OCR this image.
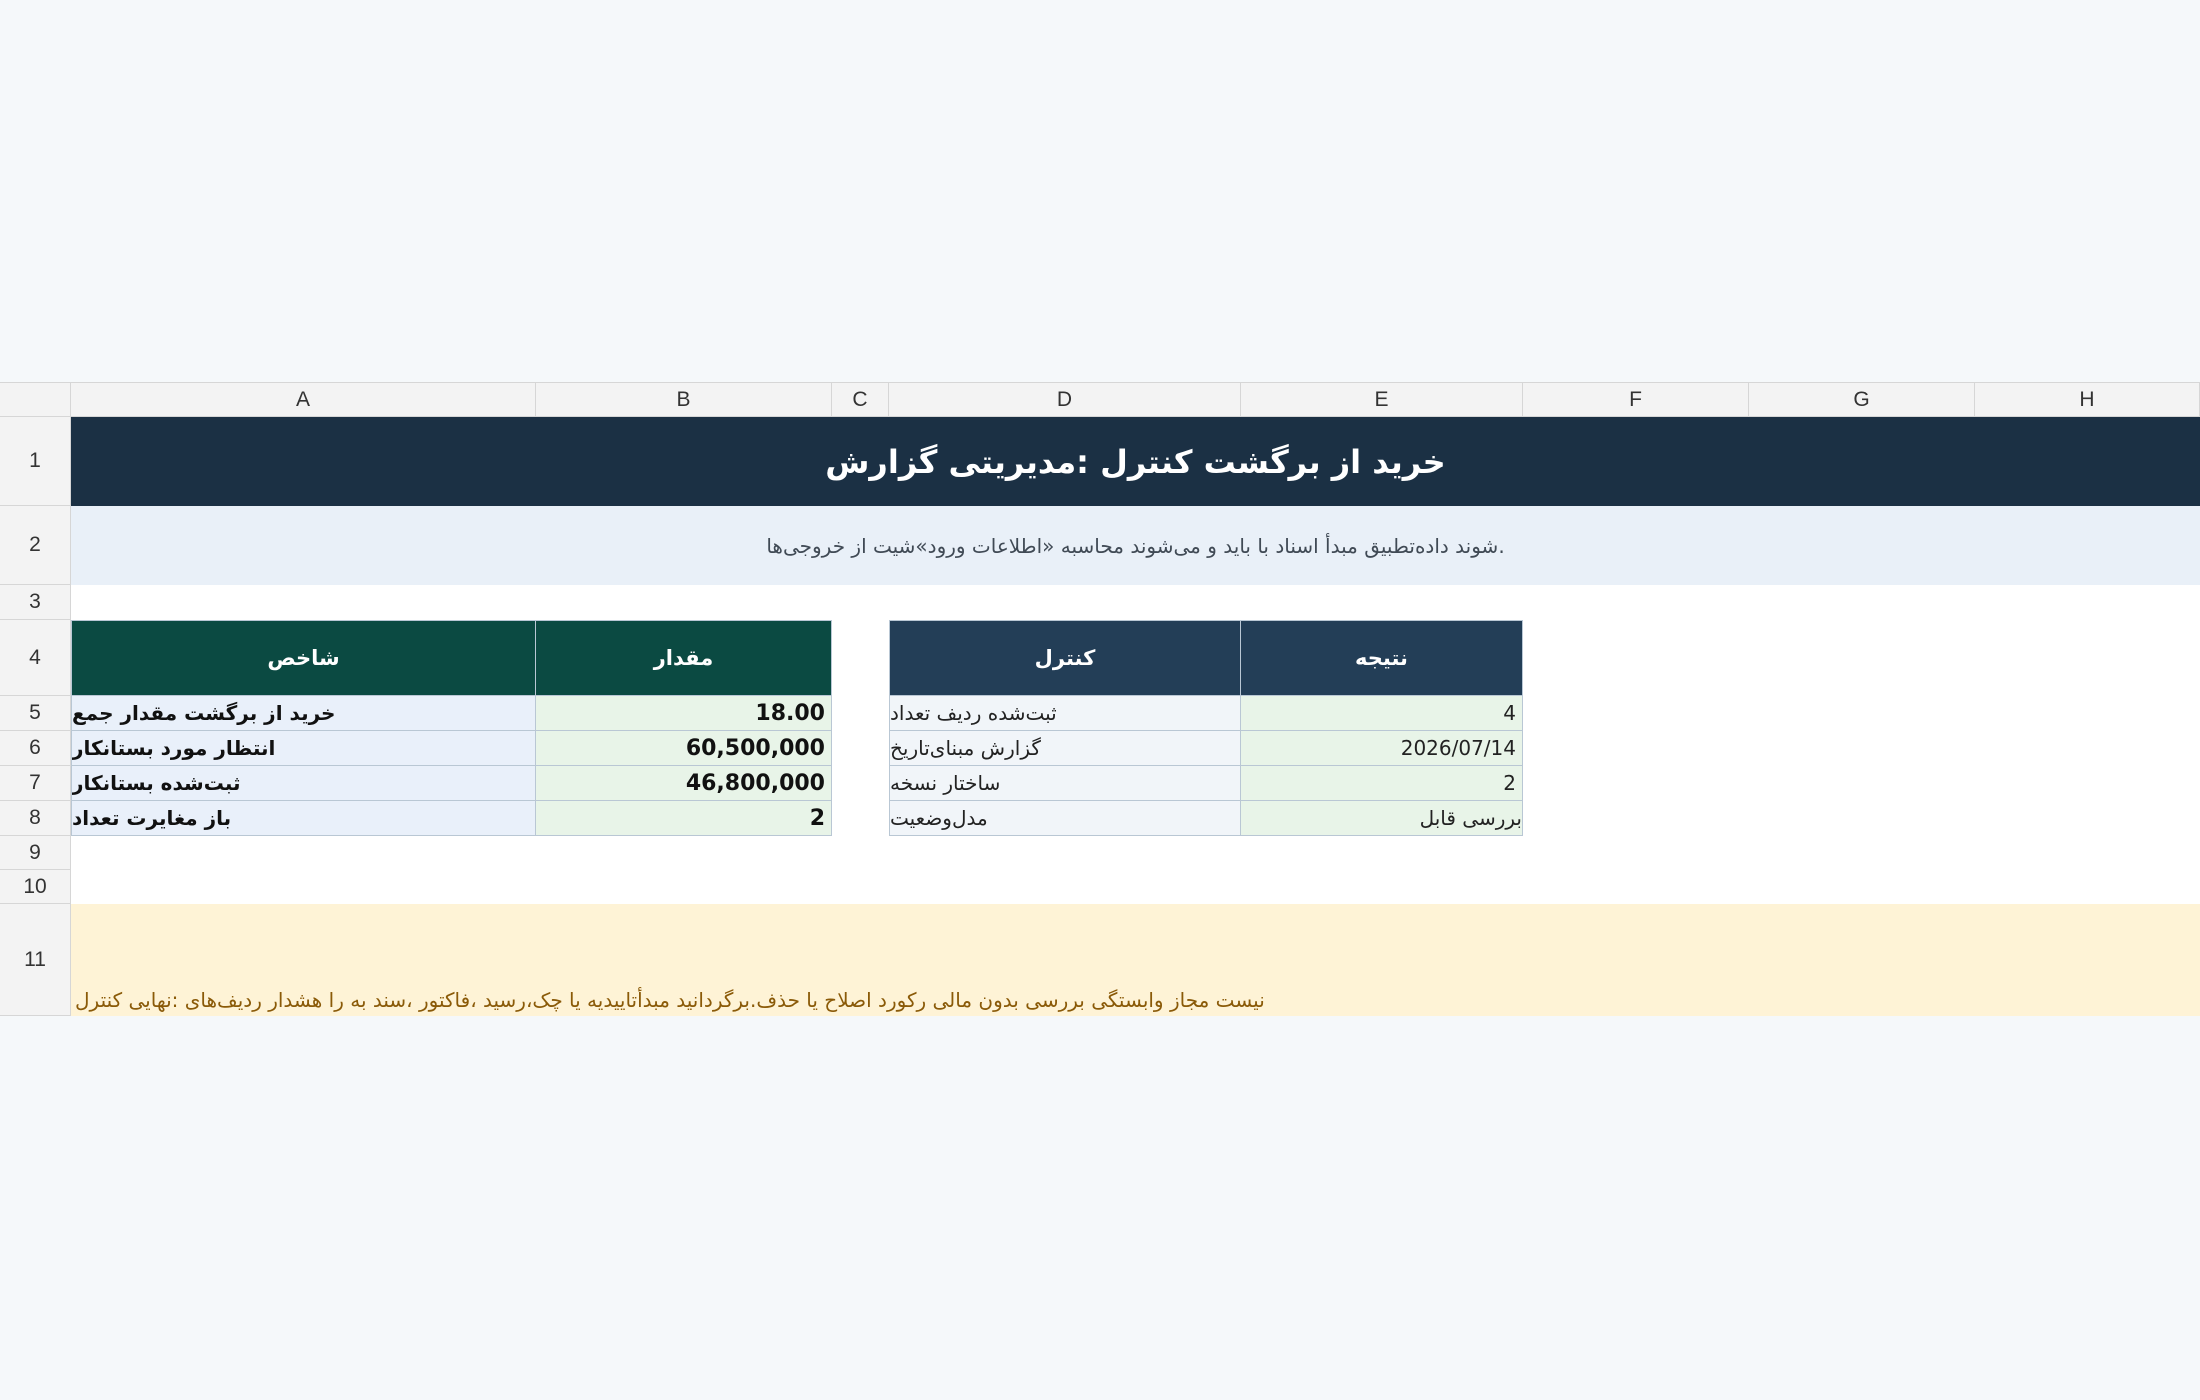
A	B	C	D	E	F	G	H
1
2
3
4
5
6
7
8
9
10
11
خرید از برگشت کنترل :مدیریتی گزارش
شوند داده‌تطبیق مبدأ اسناد با باید و می‌شوند محاسبه «اطلاعات ورود»شیت از خروجی‌ها.
شاخص	مقدار
خرید از برگشت مقدار جمع	18.00
انتظار مورد بستانکار	60,500,000
ثبت‌شده بستانکار	46,800,000
باز مغایرت تعداد	2
کنترل	نتیجه
ثبت‌شده ردیف تعداد	4
گزارش مبنای‌تاریخ	2026/07/14
ساختار نسخه	2
مدل‌وضعیت	بررسی قابل
نیست مجاز وابستگی بررسی بدون مالی رکورد اصلاح یا حذف.برگردانید مبدأتاییدیه یا چک،رسید ،فاکتور ،سند به را هشدار ردیف‌های :نهایی کنترل
